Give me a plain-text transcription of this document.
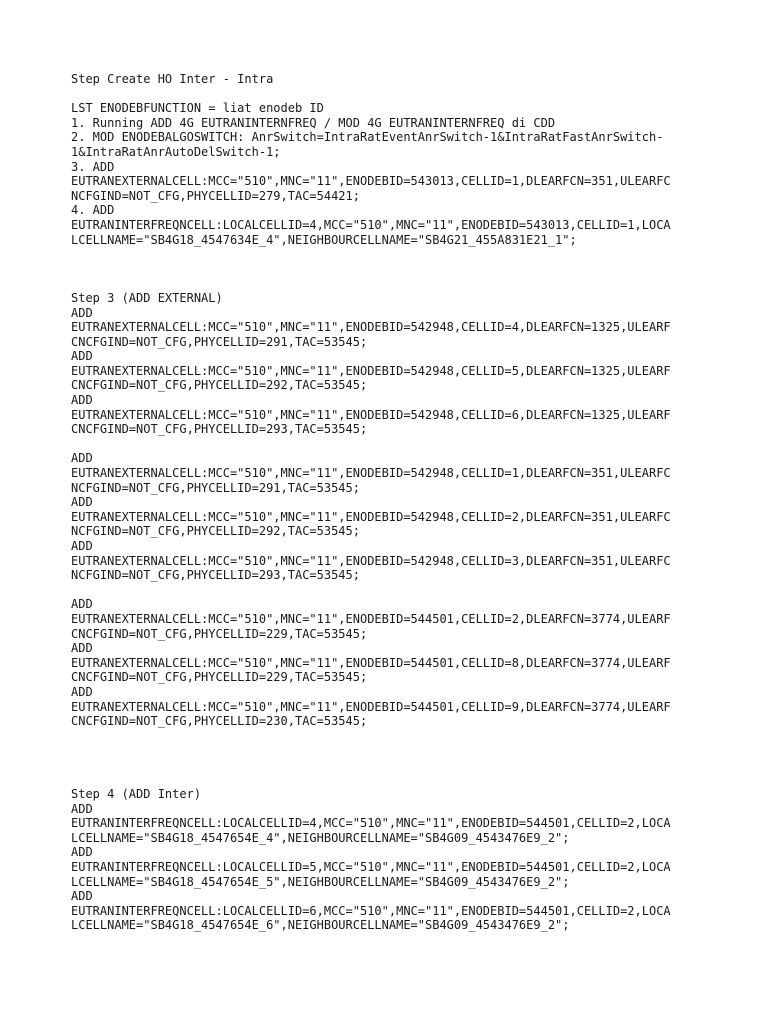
Step Create HO Inter - Intra
LST ENODEBFUNCTION = liat enodeb ID
1. Running ADD 4G EUTRANINTERNFREQ / MOD 4G EUTRANINTERNFREQ di CDD
2. MOD ENODEBALGOSWITCH: AnrSwitch=IntraRatEventAnrSwitch-1&IntraRatFastAnrSwitch-
1&IntraRatAnrAutoDelSwitch-1;
3. ADD
EUTRANEXTERNALCELL:MCC="510",MNC="11",ENODEBID=543013,CELLID=1,DLEARFCN=351,ULEARFC
NCFGIND=NOT_CFG,PHYCELLID=279,TAC=54421;
4. ADD
EUTRANINTERFREQNCELL:LOCALCELLID=4,MCC="510",MNC="11",ENODEBID=543013,CELLID=1,LOCA
LCELLNAME="SB4G18_4547634E_4",NEIGHBOURCELLNAME="SB4G21_455A831E21_1";
Step 3 (ADD EXTERNAL)
ADD
EUTRANEXTERNALCELL:MCC="510",MNC="11",ENODEBID=542948,CELLID=4,DLEARFCN=1325,ULEARF
CNCFGIND=NOT_CFG,PHYCELLID=291,TAC=53545;
ADD
EUTRANEXTERNALCELL:MCC="510",MNC="11",ENODEBID=542948,CELLID=5,DLEARFCN=1325,ULEARF
CNCFGIND=NOT_CFG,PHYCELLID=292,TAC=53545;
ADD
EUTRANEXTERNALCELL:MCC="510",MNC="11",ENODEBID=542948,CELLID=6,DLEARFCN=1325,ULEARF
CNCFGIND=NOT_CFG,PHYCELLID=293,TAC=53545;
ADD
EUTRANEXTERNALCELL:MCC="510",MNC="11",ENODEBID=542948,CELLID=1,DLEARFCN=351,ULEARFC
NCFGIND=NOT_CFG,PHYCELLID=291,TAC=53545;
ADD
EUTRANEXTERNALCELL:MCC="510",MNC="11",ENODEBID=542948,CELLID=2,DLEARFCN=351,ULEARFC
NCFGIND=NOT_CFG,PHYCELLID=292,TAC=53545;
ADD
EUTRANEXTERNALCELL:MCC="510",MNC="11",ENODEBID=542948,CELLID=3,DLEARFCN=351,ULEARFC
NCFGIND=NOT_CFG,PHYCELLID=293,TAC=53545;
ADD
EUTRANEXTERNALCELL:MCC="510",MNC="11",ENODEBID=544501,CELLID=2,DLEARFCN=3774,ULEARF
CNCFGIND=NOT_CFG,PHYCELLID=229,TAC=53545;
ADD
EUTRANEXTERNALCELL:MCC="510",MNC="11",ENODEBID=544501,CELLID=8,DLEARFCN=3774,ULEARF
CNCFGIND=NOT_CFG,PHYCELLID=229,TAC=53545;
ADD
EUTRANEXTERNALCELL:MCC="510",MNC="11",ENODEBID=544501,CELLID=9,DLEARFCN=3774,ULEARF
CNCFGIND=NOT_CFG,PHYCELLID=230,TAC=53545;
Step 4 (ADD Inter)
ADD
EUTRANINTERFREQNCELL:LOCALCELLID=4,MCC="510",MNC="11",ENODEBID=544501,CELLID=2,LOCA
LCELLNAME="SB4G18_4547654E_4",NEIGHBOURCELLNAME="SB4G09_4543476E9_2";
ADD
EUTRANINTERFREQNCELL:LOCALCELLID=5,MCC="510",MNC="11",ENODEBID=544501,CELLID=2,LOCA
LCELLNAME="SB4G18_4547654E_5",NEIGHBOURCELLNAME="SB4G09_4543476E9_2";
ADD
EUTRANINTERFREQNCELL:LOCALCELLID=6,MCC="510",MNC="11",ENODEBID=544501,CELLID=2,LOCA
LCELLNAME="SB4G18_4547654E_6",NEIGHBOURCELLNAME="SB4G09_4543476E9_2";
